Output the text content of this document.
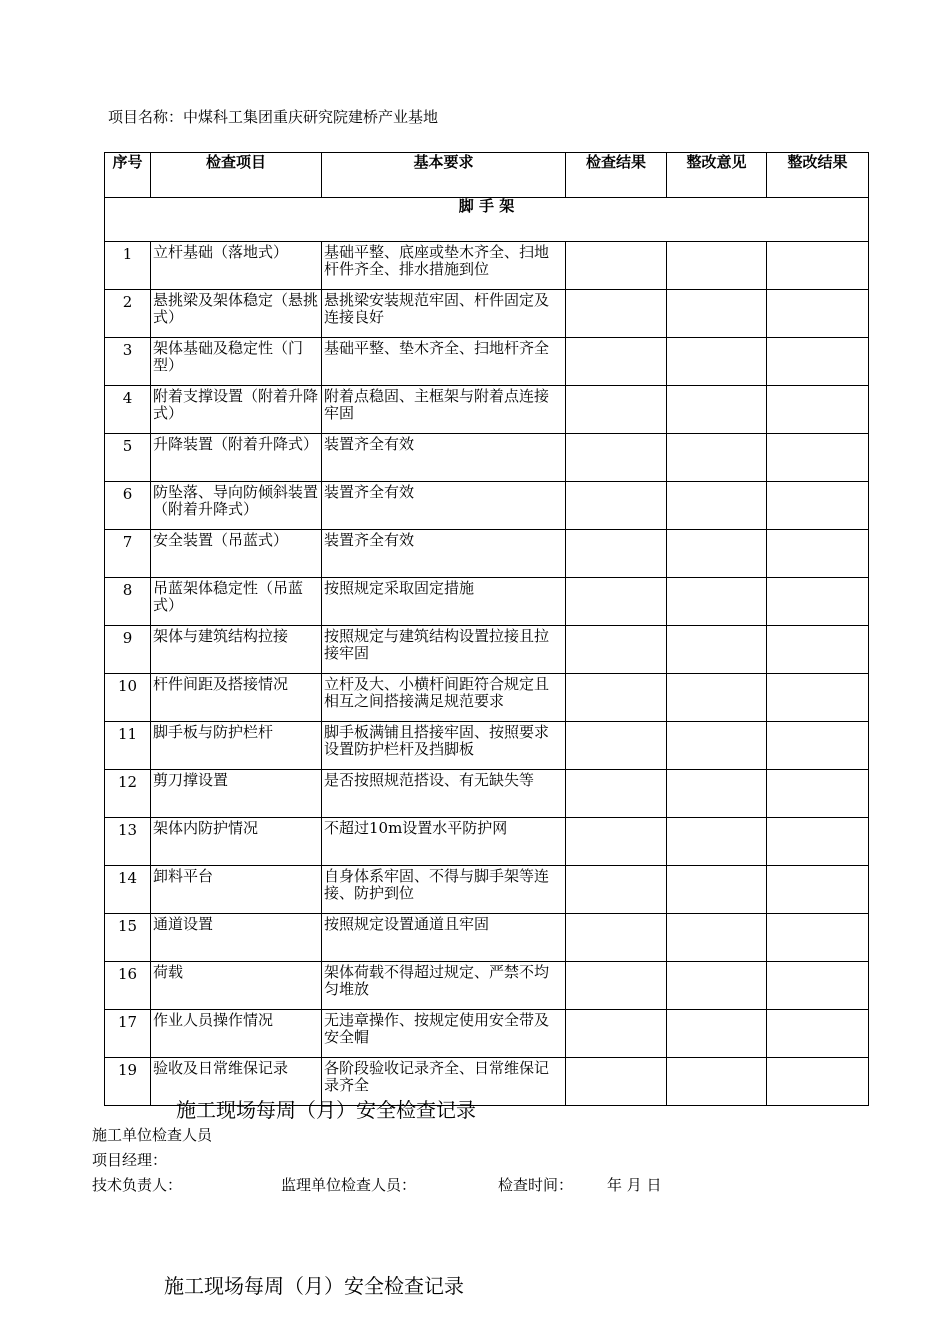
项目名称：中煤科工集团重庆研究院建桥产业基地
序号	检查项目	基本要求	检查结果	整改意见	整改结果
脚 手 架					
1	立杆基础（落地式）	基础平整、底座或垫木齐全、扫地杆件齐全、排水措施到位			
2	悬挑梁及架体稳定（悬挑式）	悬挑梁安装规范牢固、杆件固定及连接良好			
3	架体基础及稳定性（门型）	基础平整、垫木齐全、扫地杆齐全			
4	附着支撑设置（附着升降式）	附着点稳固、主框架与附着点连接牢固			
5	升降装置（附着升降式）	装置齐全有效			
6	防坠落、导向防倾斜装置（附着升降式）	装置齐全有效			
7	安全装置（吊蓝式）	装置齐全有效			
8	吊蓝架体稳定性（吊蓝式）	按照规定采取固定措施			
9	架体与建筑结构拉接	按照规定与建筑结构设置拉接且拉接牢固			
10	杆件间距及搭接情况	立杆及大、小横杆间距符合规定且相互之间搭接满足规范要求			
11	脚手板与防护栏杆	脚手板满铺且搭接牢固、按照要求设置防护栏杆及挡脚板			
12	剪刀撑设置	是否按照规范搭设、有无缺失等			
13	架体内防护情况	不超过10m设置水平防护网			
14	卸料平台	自身体系牢固、不得与脚手架等连接、防护到位			
15	通道设置	按照规定设置通道且牢固			
16	荷载	架体荷载不得超过规定、严禁不均匀堆放			
17	作业人员操作情况	无违章操作、按规定使用安全带及安全帽			
19	验收及日常维保记录	各阶段验收记录齐全、日常维保记录齐全			
施工现场每周（月）安全检查记录
施工单位检查人员
项目经理：
技术负责人：	监理单位检查人员：	检查时间： 年 月 日
施工现场每周（月）安全检查记录
